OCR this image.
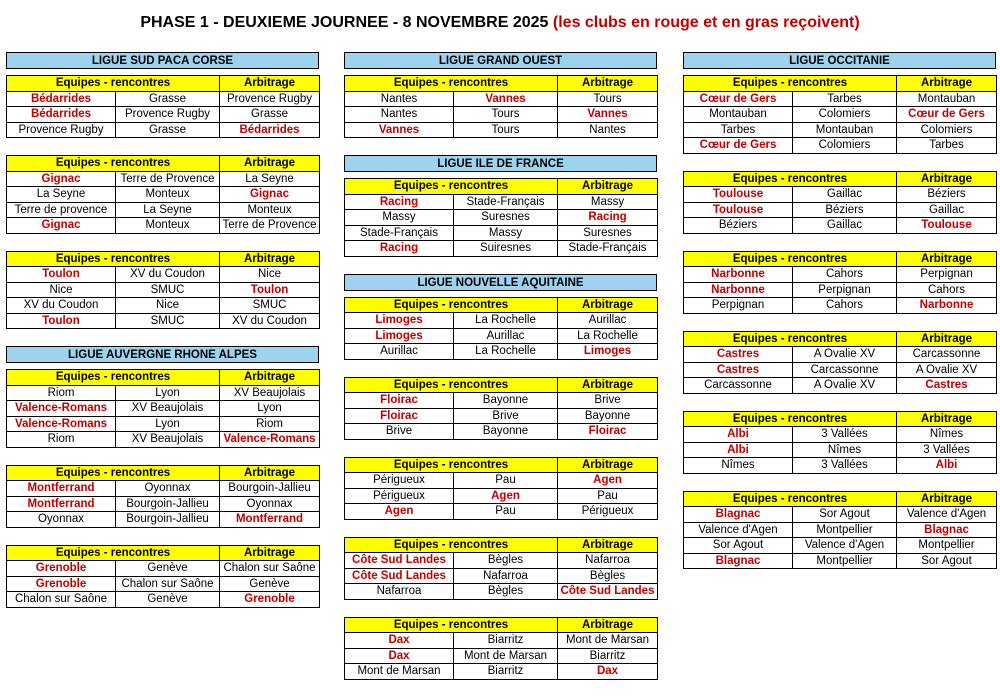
PHASE 1 - DEUXIEME JOURNEE - 8 NOVEMBRE 2025 (les clubs en rouge et en gras reçoivent)
LIGUE SUD PACA CORSE
Equipes - rencontres		Arbitrage
Bédarrides	Grasse	Provence Rugby
Bédarrides	Provence Rugby	Grasse
Provence Rugby	Grasse	Bédarrides
Equipes - rencontres		Arbitrage
Gignac	Terre de Provence	La Seyne
La Seyne	Monteux	Gignac
Terre de provence	La Seyne	Monteux
Gignac	Monteux	Terre de Provence
Equipes - rencontres		Arbitrage
Toulon	XV du Coudon	Nice
Nice	SMUC	Toulon
XV du Coudon	Nice	SMUC
Toulon	SMUC	XV du Coudon
LIGUE AUVERGNE RHONE ALPES
Equipes - rencontres		Arbitrage
Riom	Lyon	XV Beaujolais
Valence-Romans	XV Beaujolais	Lyon
Valence-Romans	Lyon	Riom
Riom	XV Beaujolais	Valence-Romans
Equipes - rencontres		Arbitrage
Montferrand	Oyonnax	Bourgoin-Jallieu
Montferrand	Bourgoin-Jallieu	Oyonnax
Oyonnax	Bourgoin-Jallieu	Montferrand
Equipes - rencontres		Arbitrage
Grenoble	Genève	Chalon sur Saône
Grenoble	Chalon sur Saône	Genève
Chalon sur Saône	Genève	Grenoble
LIGUE GRAND OUEST
Equipes - rencontres		Arbitrage
Nantes	Vannes	Tours
Nantes	Tours	Vannes
Vannes	Tours	Nantes
LIGUE ILE DE FRANCE
Equipes - rencontres		Arbitrage
Racing	Stade-Français	Massy
Massy	Suresnes	Racing
Stade-Français	Massy	Suresnes
Racing	Suiresnes	Stade-Français
LIGUE NOUVELLE AQUITAINE
Equipes - rencontres		Arbitrage
Limoges	La Rochelle	Aurillac
Limoges	Aurillac	La Rochelle
Aurillac	La Rochelle	Limoges
Equipes - rencontres		Arbitrage
Floirac	Bayonne	Brive
Floirac	Brive	Bayonne
Brive	Bayonne	Floirac
Equipes - rencontres		Arbitrage
Périgueux	Pau	Agen
Périgueux	Agen	Pau
Agen	Pau	Périgueux
Equipes - rencontres		Arbitrage
Côte Sud Landes	Bègles	Nafarroa
Côte Sud Landes	Nafarroa	Bègles
Nafarroa	Bègles	Côte Sud Landes
Equipes - rencontres		Arbitrage
Dax	Biarritz	Mont de Marsan
Dax	Mont de Marsan	Biarritz
Mont de Marsan	Biarritz	Dax
LIGUE OCCITANIE
Equipes - rencontres		Arbitrage
Cœur de Gers	Tarbes	Montauban
Montauban	Colomiers	Cœur de Gers
Tarbes	Montauban	Colomiers
Cœur de Gers	Colomiers	Tarbes
Equipes - rencontres		Arbitrage
Toulouse	Gaillac	Béziers
Toulouse	Béziers	Gaillac
Béziers	Gaillac	Toulouse
Equipes - rencontres		Arbitrage
Narbonne	Cahors	Perpignan
Narbonne	Perpignan	Cahors
Perpignan	Cahors	Narbonne
Equipes - rencontres		Arbitrage
Castres	A Ovalie XV	Carcassonne
Castres	Carcassonne	A Ovalie XV
Carcassonne	A Ovalie XV	Castres
Equipes - rencontres		Arbitrage
Albi	3 Vallées	Nîmes
Albi	Nîmes	3 Vallées
Nîmes	3 Vallées	Albi
Equipes - rencontres		Arbitrage
Blagnac	Sor Agout	Valence d'Agen
Valence d'Agen	Montpellier	Blagnac
Sor Agout	Valence d'Agen	Montpellier
Blagnac	Montpellier	Sor Agout
